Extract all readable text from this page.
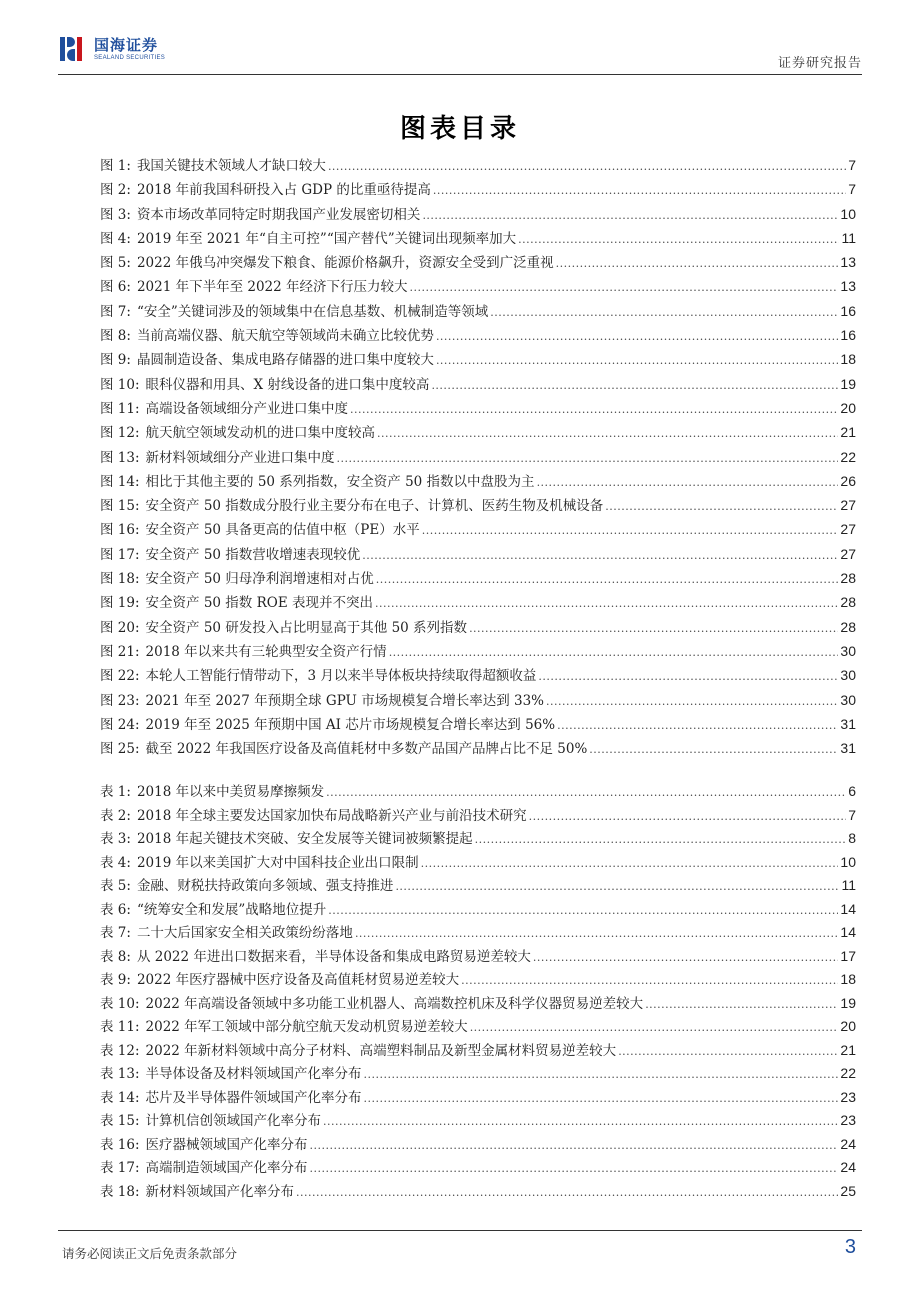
国海证券
SEALAND SECURITIES	证券研究报告
图表目录
图 1: 我国关键技术领域人才缺口较大 .....	7
图 2: 2018 年前我国科研投入占 GDP 的比重亟待提高 .....	7
图 3: 资本市场改革同特定时期我国产业发展密切相关 .....	10
图 4: 2019 年至 2021 年“自主可控”“国产替代”关键词出现频率加大 .....	11
图 5: 2022 年俄乌冲突爆发下粮食、能源价格飙升，资源安全受到广泛重视 .....	13
图 6: 2021 年下半年至 2022 年经济下行压力较大 .....	13
图 7: “安全”关键词涉及的领域集中在信息基数、机械制造等领域 .....	16
图 8: 当前高端仪器、航天航空等领域尚未确立比较优势 .....	16
图 9: 晶圆制造设备、集成电路存储器的进口集中度较大 .....	18
图 10: 眼科仪器和用具、X 射线设备的进口集中度较高 .....	19
图 11: 高端设备领域细分产业进口集中度 .....	20
图 12: 航天航空领域发动机的进口集中度较高 .....	21
图 13: 新材料领域细分产业进口集中度 .....	22
图 14: 相比于其他主要的 50 系列指数，安全资产 50 指数以中盘股为主 .....	26
图 15: 安全资产 50 指数成分股行业主要分布在电子、计算机、医药生物及机械设备 .....	27
图 16: 安全资产 50 具备更高的估值中枢（PE）水平 .....	27
图 17: 安全资产 50 指数营收增速表现较优 .....	27
图 18: 安全资产 50 归母净利润增速相对占优 .....	28
图 19: 安全资产 50 指数 ROE 表现并不突出 .....	28
图 20: 安全资产 50 研发投入占比明显高于其他 50 系列指数 .....	28
图 21: 2018 年以来共有三轮典型安全资产行情 .....	30
图 22: 本轮人工智能行情带动下，3 月以来半导体板块持续取得超额收益 .....	30
图 23: 2021 年至 2027 年预期全球 GPU 市场规模复合增长率达到 33% .....	30
图 24: 2019 年至 2025 年预期中国 AI 芯片市场规模复合增长率达到 56% .....	31
图 25: 截至 2022 年我国医疗设备及高值耗材中多数产品国产品牌占比不足 50% .....	31
表 1: 2018 年以来中美贸易摩擦频发 .....	6
表 2: 2018 年全球主要发达国家加快布局战略新兴产业与前沿技术研究 .....	7
表 3: 2018 年起关键技术突破、安全发展等关键词被频繁提起 .....	8
表 4: 2019 年以来美国扩大对中国科技企业出口限制 .....	10
表 5: 金融、财税扶持政策向多领域、强支持推进 .....	11
表 6: “统筹安全和发展”战略地位提升 .....	14
表 7: 二十大后国家安全相关政策纷纷落地 .....	14
表 8: 从 2022 年进出口数据来看，半导体设备和集成电路贸易逆差较大 .....	17
表 9: 2022 年医疗器械中医疗设备及高值耗材贸易逆差较大 .....	18
表 10: 2022 年高端设备领域中多功能工业机器人、高端数控机床及科学仪器贸易逆差较大 .....	19
表 11: 2022 年军工领域中部分航空航天发动机贸易逆差较大 .....	20
表 12: 2022 年新材料领域中高分子材料、高端塑料制品及新型金属材料贸易逆差较大 .....	21
表 13: 半导体设备及材料领域国产化率分布 .....	22
表 14: 芯片及半导体器件领域国产化率分布 .....	23
表 15: 计算机信创领域国产化率分布 .....	23
表 16: 医疗器械领域国产化率分布 .....	24
表 17: 高端制造领域国产化率分布 .....	24
表 18: 新材料领域国产化率分布 .....	25
请务必阅读正文后免责条款部分	3
